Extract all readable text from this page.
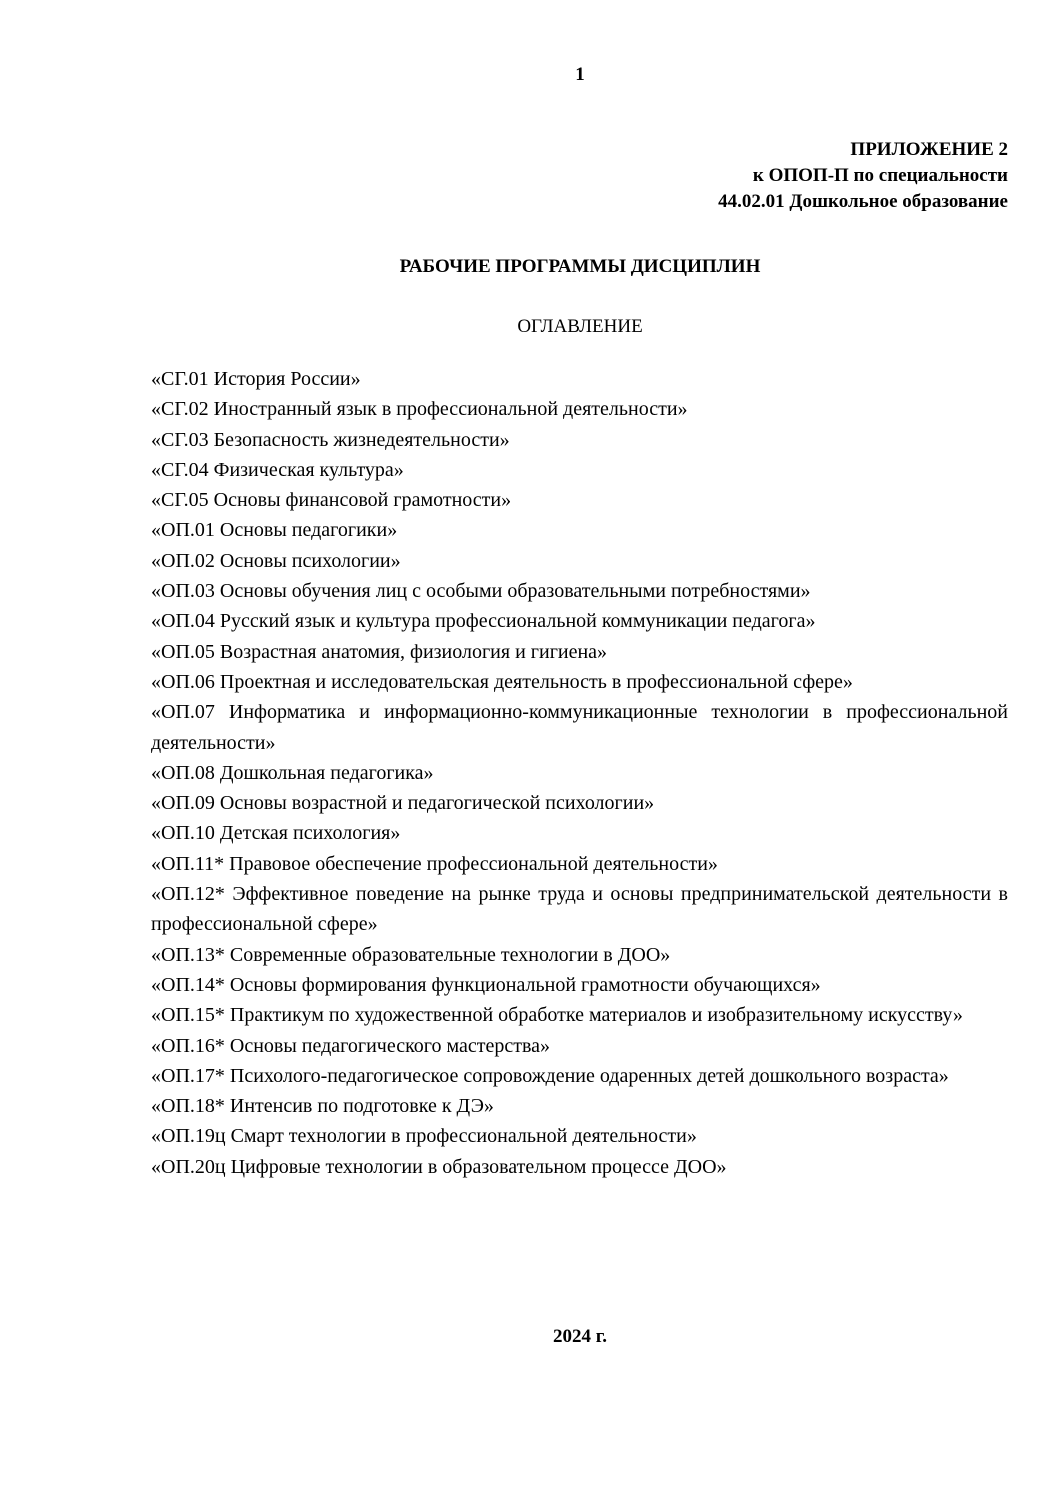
1
ПРИЛОЖЕНИЕ 2
к ОПОП-П по специальности
44.02.01 Дошкольное образование
РАБОЧИЕ ПРОГРАММЫ ДИСЦИПЛИН
ОГЛАВЛЕНИЕ
«СГ.01 История России»
«СГ.02 Иностранный язык в профессиональной деятельности»
«СГ.03 Безопасность жизнедеятельности»
«СГ.04 Физическая культура»
«СГ.05 Основы финансовой грамотности»
«ОП.01 Основы педагогики»
«ОП.02 Основы психологии»
«ОП.03 Основы обучения лиц с особыми образовательными потребностями»
«ОП.04 Русский язык и культура профессиональной коммуникации педагога»
«ОП.05 Возрастная анатомия, физиология и гигиена»
«ОП.06 Проектная и исследовательская деятельность в профессиональной сфере»
«ОП.07 Информатика и информационно-коммуникационные технологии в профессиональной деятельности»
«ОП.08 Дошкольная педагогика»
«ОП.09 Основы возрастной и педагогической психологии»
«ОП.10 Детская психология»
«ОП.11* Правовое обеспечение профессиональной деятельности»
«ОП.12* Эффективное поведение на рынке труда и основы предпринимательской деятельности в профессиональной сфере»
«ОП.13* Современные образовательные технологии в ДОО»
«ОП.14* Основы формирования функциональной грамотности обучающихся»
«ОП.15* Практикум по художественной обработке материалов и изобразительному искусству»
«ОП.16* Основы педагогического мастерства»
«ОП.17* Психолого-педагогическое сопровождение одаренных детей дошкольного возраста»
«ОП.18* Интенсив по подготовке к ДЭ»
«ОП.19ц Смарт технологии в профессиональной деятельности»
«ОП.20ц Цифровые технологии в образовательном процессе ДОО»
2024 г.
